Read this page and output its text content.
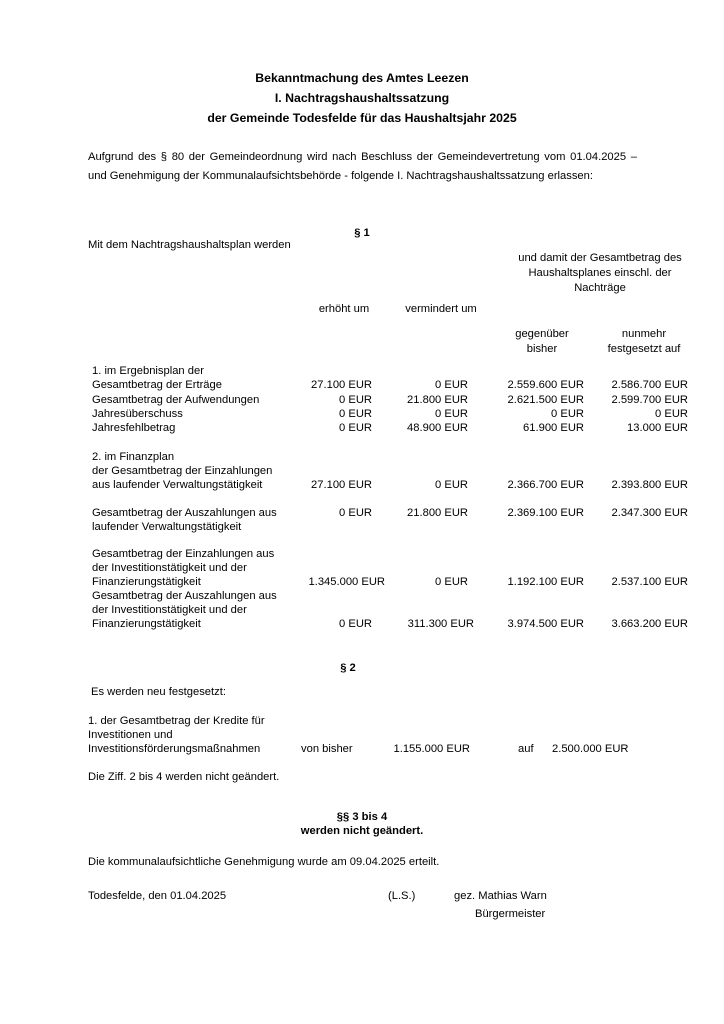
Bekanntmachung des Amtes Leezen
I. Nachtragshaushaltssatzung
der Gemeinde Todesfelde für das Haushaltsjahr 2025
Aufgrund des § 80 der Gemeindeordnung wird nach Beschluss der Gemeindevertretung vom 01.04.2025 – und Genehmigung der Kommunalaufsichtsbehörde - folgende I. Nachtragshaushaltssatzung erlassen:
§ 1
Mit dem Nachtragshaushaltsplan werden
und damit der Gesamtbetrag des Haushaltsplanes einschl. der Nachträge
erhöht um	vermindert um
gegenüber bisher
nunmehr festgesetzt auf
1. im Ergebnisplan der
Gesamtbetrag der Erträge	27.100 EUR	0 EUR	2.559.600 EUR	2.586.700 EUR
Gesamtbetrag der Aufwendungen	0 EUR	21.800 EUR	2.621.500 EUR	2.599.700 EUR
Jahresüberschuss	0 EUR	0 EUR	0 EUR	0 EUR
Jahresfehlbetrag	0 EUR	48.900 EUR	61.900 EUR	13.000 EUR
2. im Finanzplan
der Gesamtbetrag der Einzahlungen aus laufender Verwaltungstätigkeit	27.100 EUR	0 EUR	2.366.700 EUR	2.393.800 EUR
Gesamtbetrag der Auszahlungen aus laufender Verwaltungstätigkeit
0 EUR	21.800 EUR	2.369.100 EUR	2.347.300 EUR
Gesamtbetrag der Einzahlungen aus der Investitionstätigkeit und der Finanzierungstätigkeit	1.345.000 EUR	0 EUR	1.192.100 EUR	2.537.100 EUR
Gesamtbetrag der Auszahlungen aus der Investitionstätigkeit und der Finanzierungstätigkeit	0 EUR	311.300 EUR	3.974.500 EUR	3.663.200 EUR
§ 2
Es werden neu festgesetzt:
1. der Gesamtbetrag der Kredite für Investitionen und Investitionsförderungsmaßnahmen	von bisher	1.155.000 EUR	auf 2.500.000 EUR
Die Ziff. 2 bis 4 werden nicht geändert.
§§ 3 bis 4
werden nicht geändert.
Die kommunalaufsichtliche Genehmigung wurde am 09.04.2025 erteilt.
Todesfelde, den 01.04.2025	(L.S.)	gez. Mathias Warn
Bürgermeister
